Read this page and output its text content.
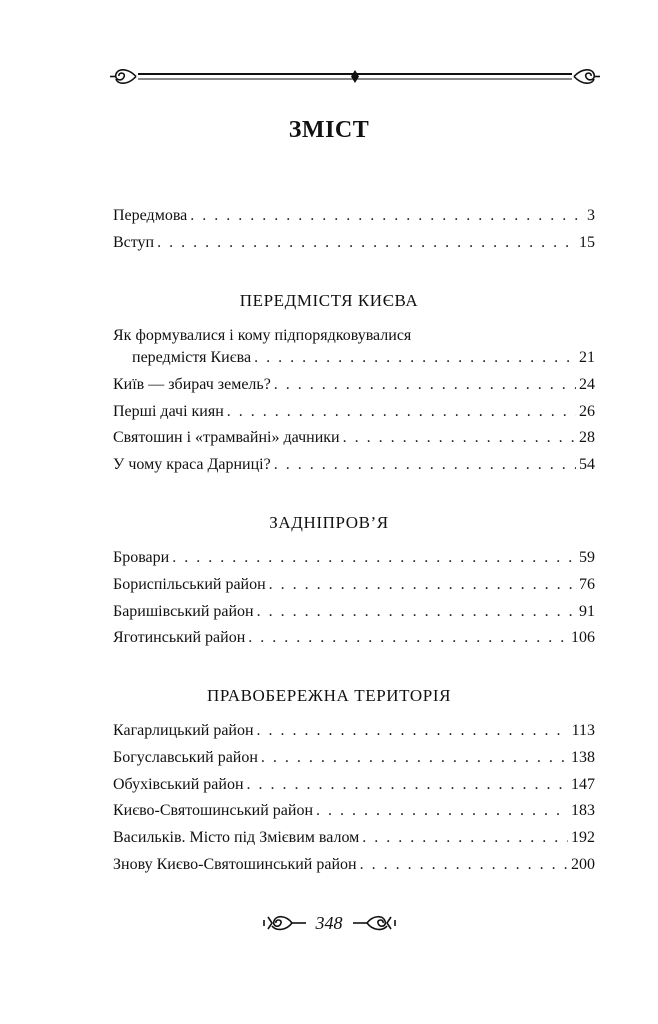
ЗМІСТ
Передмова . . .	3
Вступ . . .	15
ПЕРЕДМІСТЯ КИЄВА
Як формувалися і кому підпорядковувалися
передмістя Києва . . .	21
Київ — збирач земель? . . .	24
Перші дачі киян . . .	26
Святошин і «трамвайні» дачники . . .	28
У чому краса Дарниці? . . .	54
ЗАДНІПРОВ’Я
Бровари . . .	59
Бориспільський район . . .	76
Баришівський район . . .	91
Яготинський район . . .	106
ПРАВОБЕРЕЖНА ТЕРИТОРІЯ
Кагарлицький район . . .	113
Богуславський район . . .	138
Обухівський район . . .	147
Києво-Святошинський район . . .	183
Васильків. Місто під Змієвим валом . . .	192
Знову Києво-Святошинський район . . .	200
348
